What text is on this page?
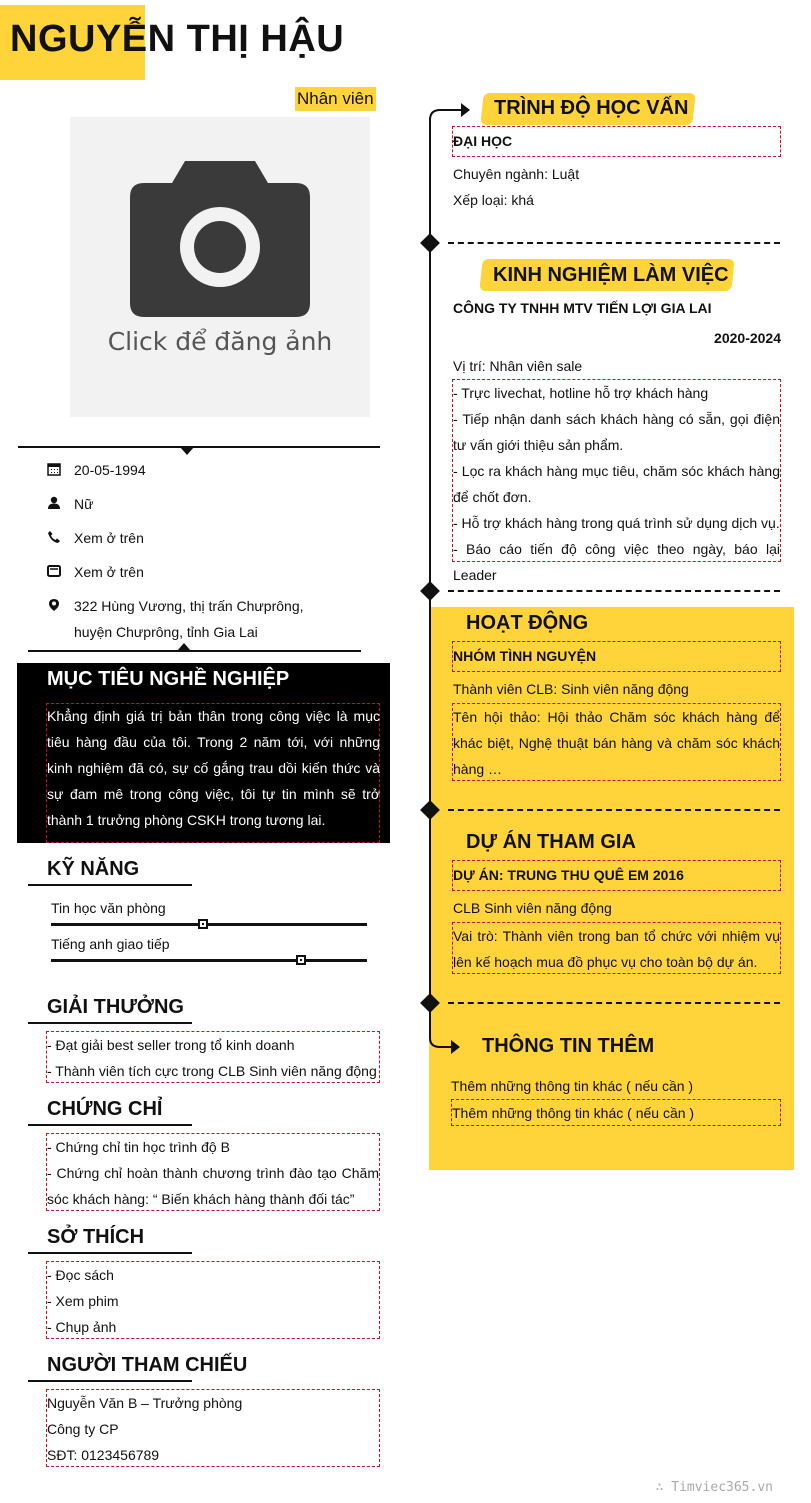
NGUYỄN THỊ HẬU
Nhân viên
Click để đăng ảnh
20-05-1994
Nữ
Xem ở trên
Xem ở trên
322 Hùng Vương, thị trấn Chưprông,
huyện Chưprông, tỉnh Gia Lai
MỤC TIÊU NGHỀ NGHIỆP
Khẳng định giá trị bản thân trong công việc là mục tiêu hàng đầu của tôi. Trong 2 năm tới, với những kinh nghiệm đã có, sự cố gắng trau dồi kiến thức và sự đam mê trong công việc, tôi tự tin mình sẽ trở thành 1 trưởng phòng CSKH trong tương lai.
KỸ NĂNG
Tin học văn phòng
Tiếng anh giao tiếp
GIẢI THƯỞNG
- Đạt giải best seller trong tổ kinh doanh
- Thành viên tích cực trong CLB Sinh viên năng động
CHỨNG CHỈ
- Chứng chỉ tin học trình độ B
- Chứng chỉ hoàn thành chương trình đào tạo Chăm sóc khách hàng: “ Biến khách hàng thành đối tác”
SỞ THÍCH
- Đọc sách
- Xem phim
- Chụp ảnh
NGƯỜI THAM CHIẾU
Nguyễn Văn B – Trưởng phòng
Công ty CP
SĐT: 0123456789
TRÌNH ĐỘ HỌC VẤN
ĐẠI HỌC
Chuyên ngành: Luật
Xếp loại: khá
KINH NGHIỆM LÀM VIỆC
CÔNG TY TNHH MTV TIẾN LỢI GIA LAI
2020-2024
Vị trí: Nhân viên sale
- Trực livechat, hotline hỗ trợ khách hàng
- Tiếp nhận danh sách khách hàng có sẵn, gọi điện tư vấn giới thiệu sản phẩm.
- Lọc ra khách hàng mục tiêu, chăm sóc khách hàng để chốt đơn.
- Hỗ trợ khách hàng trong quá trình sử dụng dịch vụ.
- Báo cáo tiến độ công việc theo ngày, báo lại Leader
HOẠT ĐỘNG
NHÓM TÌNH NGUYỆN
Thành viên CLB: Sinh viên năng động
Tên hội thảo: Hội thảo Chăm sóc khách hàng để khác biệt, Nghệ thuật bán hàng và chăm sóc khách hàng …
DỰ ÁN THAM GIA
DỰ ÁN: TRUNG THU QUÊ EM 2016
CLB Sinh viên năng động
Vai trò: Thành viên trong ban tổ chức với nhiệm vụ lên kế hoạch mua đồ phục vụ cho toàn bộ dự án.
THÔNG TIN THÊM
Thêm những thông tin khác ( nếu cần )
Thêm những thông tin khác ( nếu cần )
∴ Timviec365.vn
